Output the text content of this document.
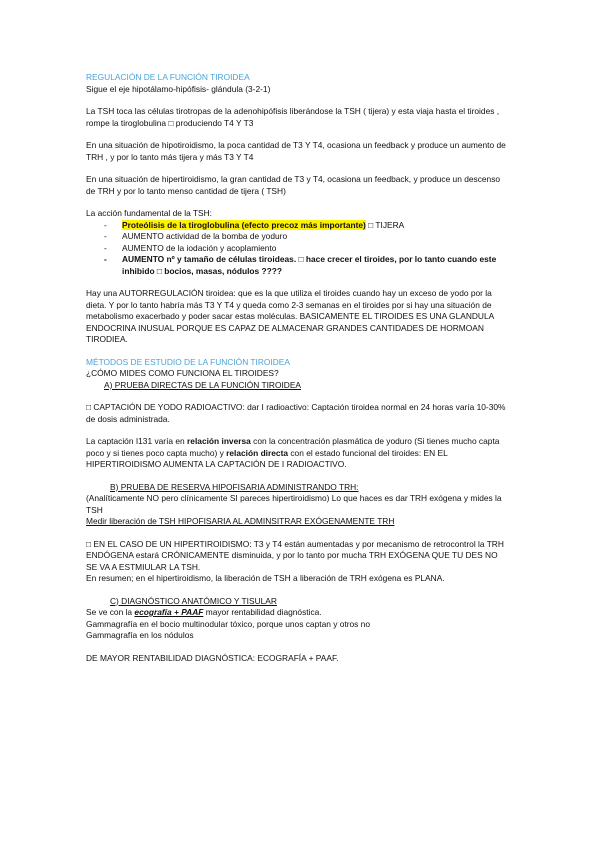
REGULACIÓN DE LA FUNCIÓN TIROIDEA

Sigue el eje hipotálamo-hipófisis- glándula (3-2-1)

La TSH toca las células tirotropas de la adenohipófisis liberándose la TSH ( tijera) y esta viaja hasta el tiroides , rompe la tiroglobulina □ produciendo T4 Y T3

En una situación de hipotiroidismo, la poca cantidad de T3 Y T4, ocasiona un feedback y produce un aumento de TRH , y por lo tanto más tijera y más T3 Y T4

En una situación de hipertiroidismo, la gran cantidad de T3 y T4, ocasiona un feedback, y produce un descenso de TRH y por lo tanto menso cantidad de tijera ( TSH)

La acción fundamental de la TSH:

- Proteólisis de la tiroglobulina (efecto precoz más importante) □ TIJERA
- AUMENTO actividad de la bomba de yoduro
- AUMENTO de la iodación y acoplamiento
- AUMENTO nº y tamaño de células tiroideas. □ hace crecer el tiroides, por lo tanto cuando este inhibido □ bocios, masas, nódulos ????

Hay una AUTORREGULACIÓN tiroidea: que es la que utiliza el tiroides cuando hay un exceso de yodo por la dieta. Y por lo tanto habría más T3 Y T4 y queda como 2-3 semanas en el tiroides por si hay una situación de metabolismo exacerbado y poder sacar estas moléculas. BASICAMENTE EL TIROIDES ES UNA GLANDULA ENDOCRINA INUSUAL PORQUE ES CAPAZ DE ALMACENAR GRANDES CANTIDADES DE HORMOAN TIRODIEA.

MÉTODOS DE ESTUDIO DE LA FUNCIÓN TIROIDEA

¿CÓMO MIDES COMO FUNCIONA EL TIROIDES?

A) PRUEBA DIRECTAS DE LA FUNCIÓN TIROIDEA

□ CAPTACIÓN DE YODO RADIOACTIVO: dar I radioactivo: Captación tiroidea normal en 24 horas varía 10-30% de dosis administrada.

La captación I131 varía en relación inversa con la concentración plasmática de yoduro (Si tienes mucho capta poco y si tienes poco capta mucho) y relación directa con el estado funcional del tiroides: EN EL HIPERTIROIDISMO AUMENTA LA CAPTACIÓN DE I RADIOACTIVO.

B) PRUEBA DE RESERVA HIPOFISARIA ADMINISTRANDO TRH:

(Analíticamente NO pero clínicamente SI pareces hipertiroidismo) Lo que haces es dar TRH exógena y mides la TSH

Medir liberación de TSH HIPOFISARIA AL ADMINSITRAR EXÓGENAMENTE TRH

□ EN EL CASO DE UN HIPERTIROIDISMO: T3 y T4 están aumentadas y por mecanismo de retrocontrol la TRH ENDÓGENA estará CRÓNICAMENTE disminuida, y por lo tanto por mucha TRH EXÓGENA QUE TU DES NO SE VA A ESTMIULAR LA TSH.

En resumen; en el hipertiroidismo, la liberación de TSH a liberación de TRH exógena es PLANA.

C) DIAGNÓSTICO ANATÓMICO Y TISULAR

Se ve con la ecografía + PAAF mayor rentabilidad diagnóstica.

Gammagrafía en el bocio multinodular tóxico, porque unos captan y otros no

Gammagrafía en los nódulos

DE MAYOR RENTABILIDAD DIAGNÓSTICA: ECOGRAFÍA + PAAF.
